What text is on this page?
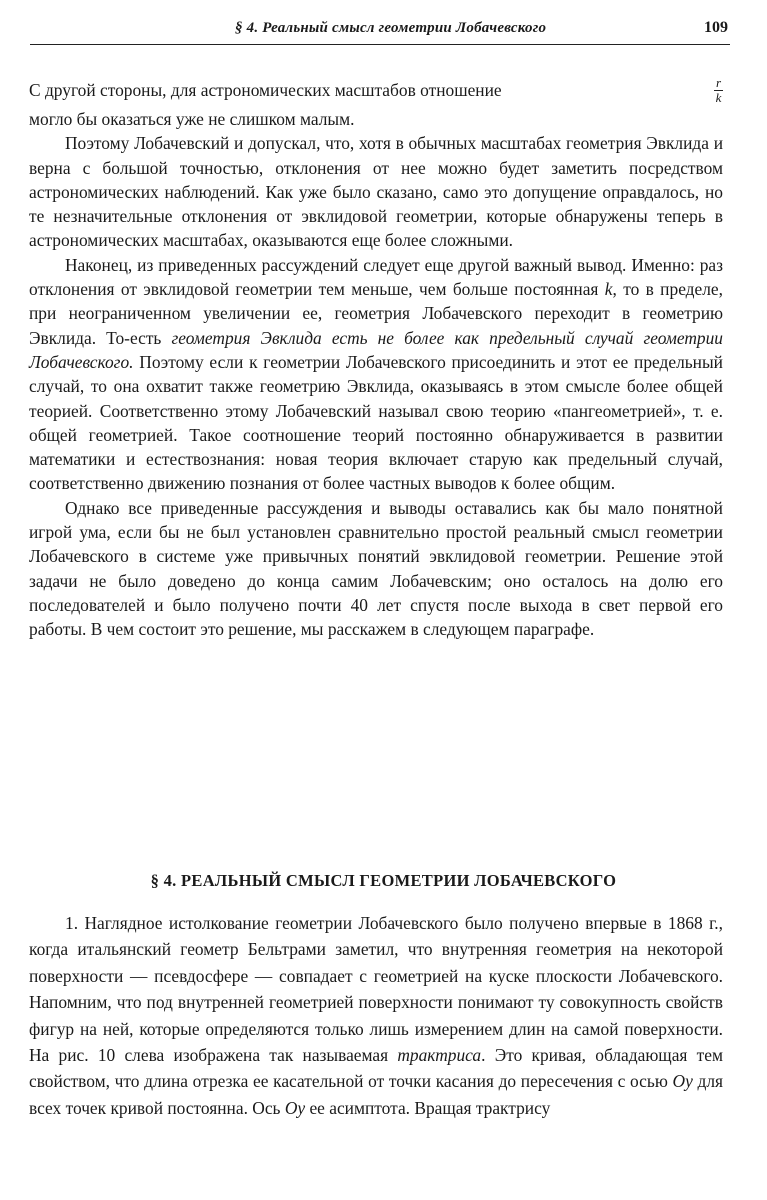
§ 4. Реальный смысл геометрии Лобачевского	109
С другой стороны, для астрономических масштабов отношение	$\frac{r}{k}$

могло бы оказаться уже не слишком малым.

Поэтому Лобачевский и допускал, что, хотя в обычных масштабах геометрия Эвклида и верна с большой точностью, отклонения от нее можно будет заметить посредством астрономических наблюдений. Как уже было сказано, само это допущение оправдалось, но те незначительные отклонения от эвклидовой геометрии, которые обнаружены теперь в астрономических масштабах, оказываются еще более сложными.

Наконец, из приведенных рассуждений следует еще другой важный вывод. Именно: раз отклонения от эвклидовой геометрии тем меньше, чем больше постоянная k, то в пределе, при неограниченном увеличении ее, геометрия Лобачевского переходит в геометрию Эвклида. То-есть геометрия Эвклида есть не более как предельный случай геометрии Лобачевского. Поэтому если к геометрии Лобачевского присоединить и этот ее предельный случай, то она охватит также геометрию Эвклида, оказываясь в этом смысле более общей теорией. Соответственно этому Лобачевский называл свою теорию «пангеометрией», т. е. общей геометрией. Такое соотношение теорий постоянно обнаруживается в развитии математики и естествознания: новая теория включает старую как предельный случай, соответственно движению познания от более частных выводов к более общим.

Однако все приведенные рассуждения и выводы оставались как бы мало понятной игрой ума, если бы не был установлен сравнительно простой реальный смысл геометрии Лобачевского в системе уже привычных понятий эвклидовой геометрии. Решение этой задачи не было доведено до конца самим Лобачевским; оно осталось на долю его последователей и было получено почти 40 лет спустя после выхода в свет первой его работы. В чем состоит это решение, мы расскажем в следующем параграфе.

§ 4. РЕАЛЬНЫЙ СМЫСЛ ГЕОМЕТРИИ ЛОБАЧЕВСКОГО

1. Наглядное истолкование геометрии Лобачевского было получено впервые в 1868 г., когда итальянский геометр Бельтрами заметил, что внутренняя геометрия на некоторой поверхности — псевдосфере — совпадает с геометрией на куске плоскости Лобачевского. Напомним, что под внутренней геометрией поверхности понимают ту совокупность свойств фигур на ней, которые определяются только лишь измерением длин на самой поверхности. На рис. 10 слева изображена так называемая трактриса. Это кривая, обладающая тем свойством, что длина отрезка ее касательной от точки касания до пересечения с осью Oy для всех точек кривой постоянна. Ось Oy ее асимптота. Вращая трактрису
